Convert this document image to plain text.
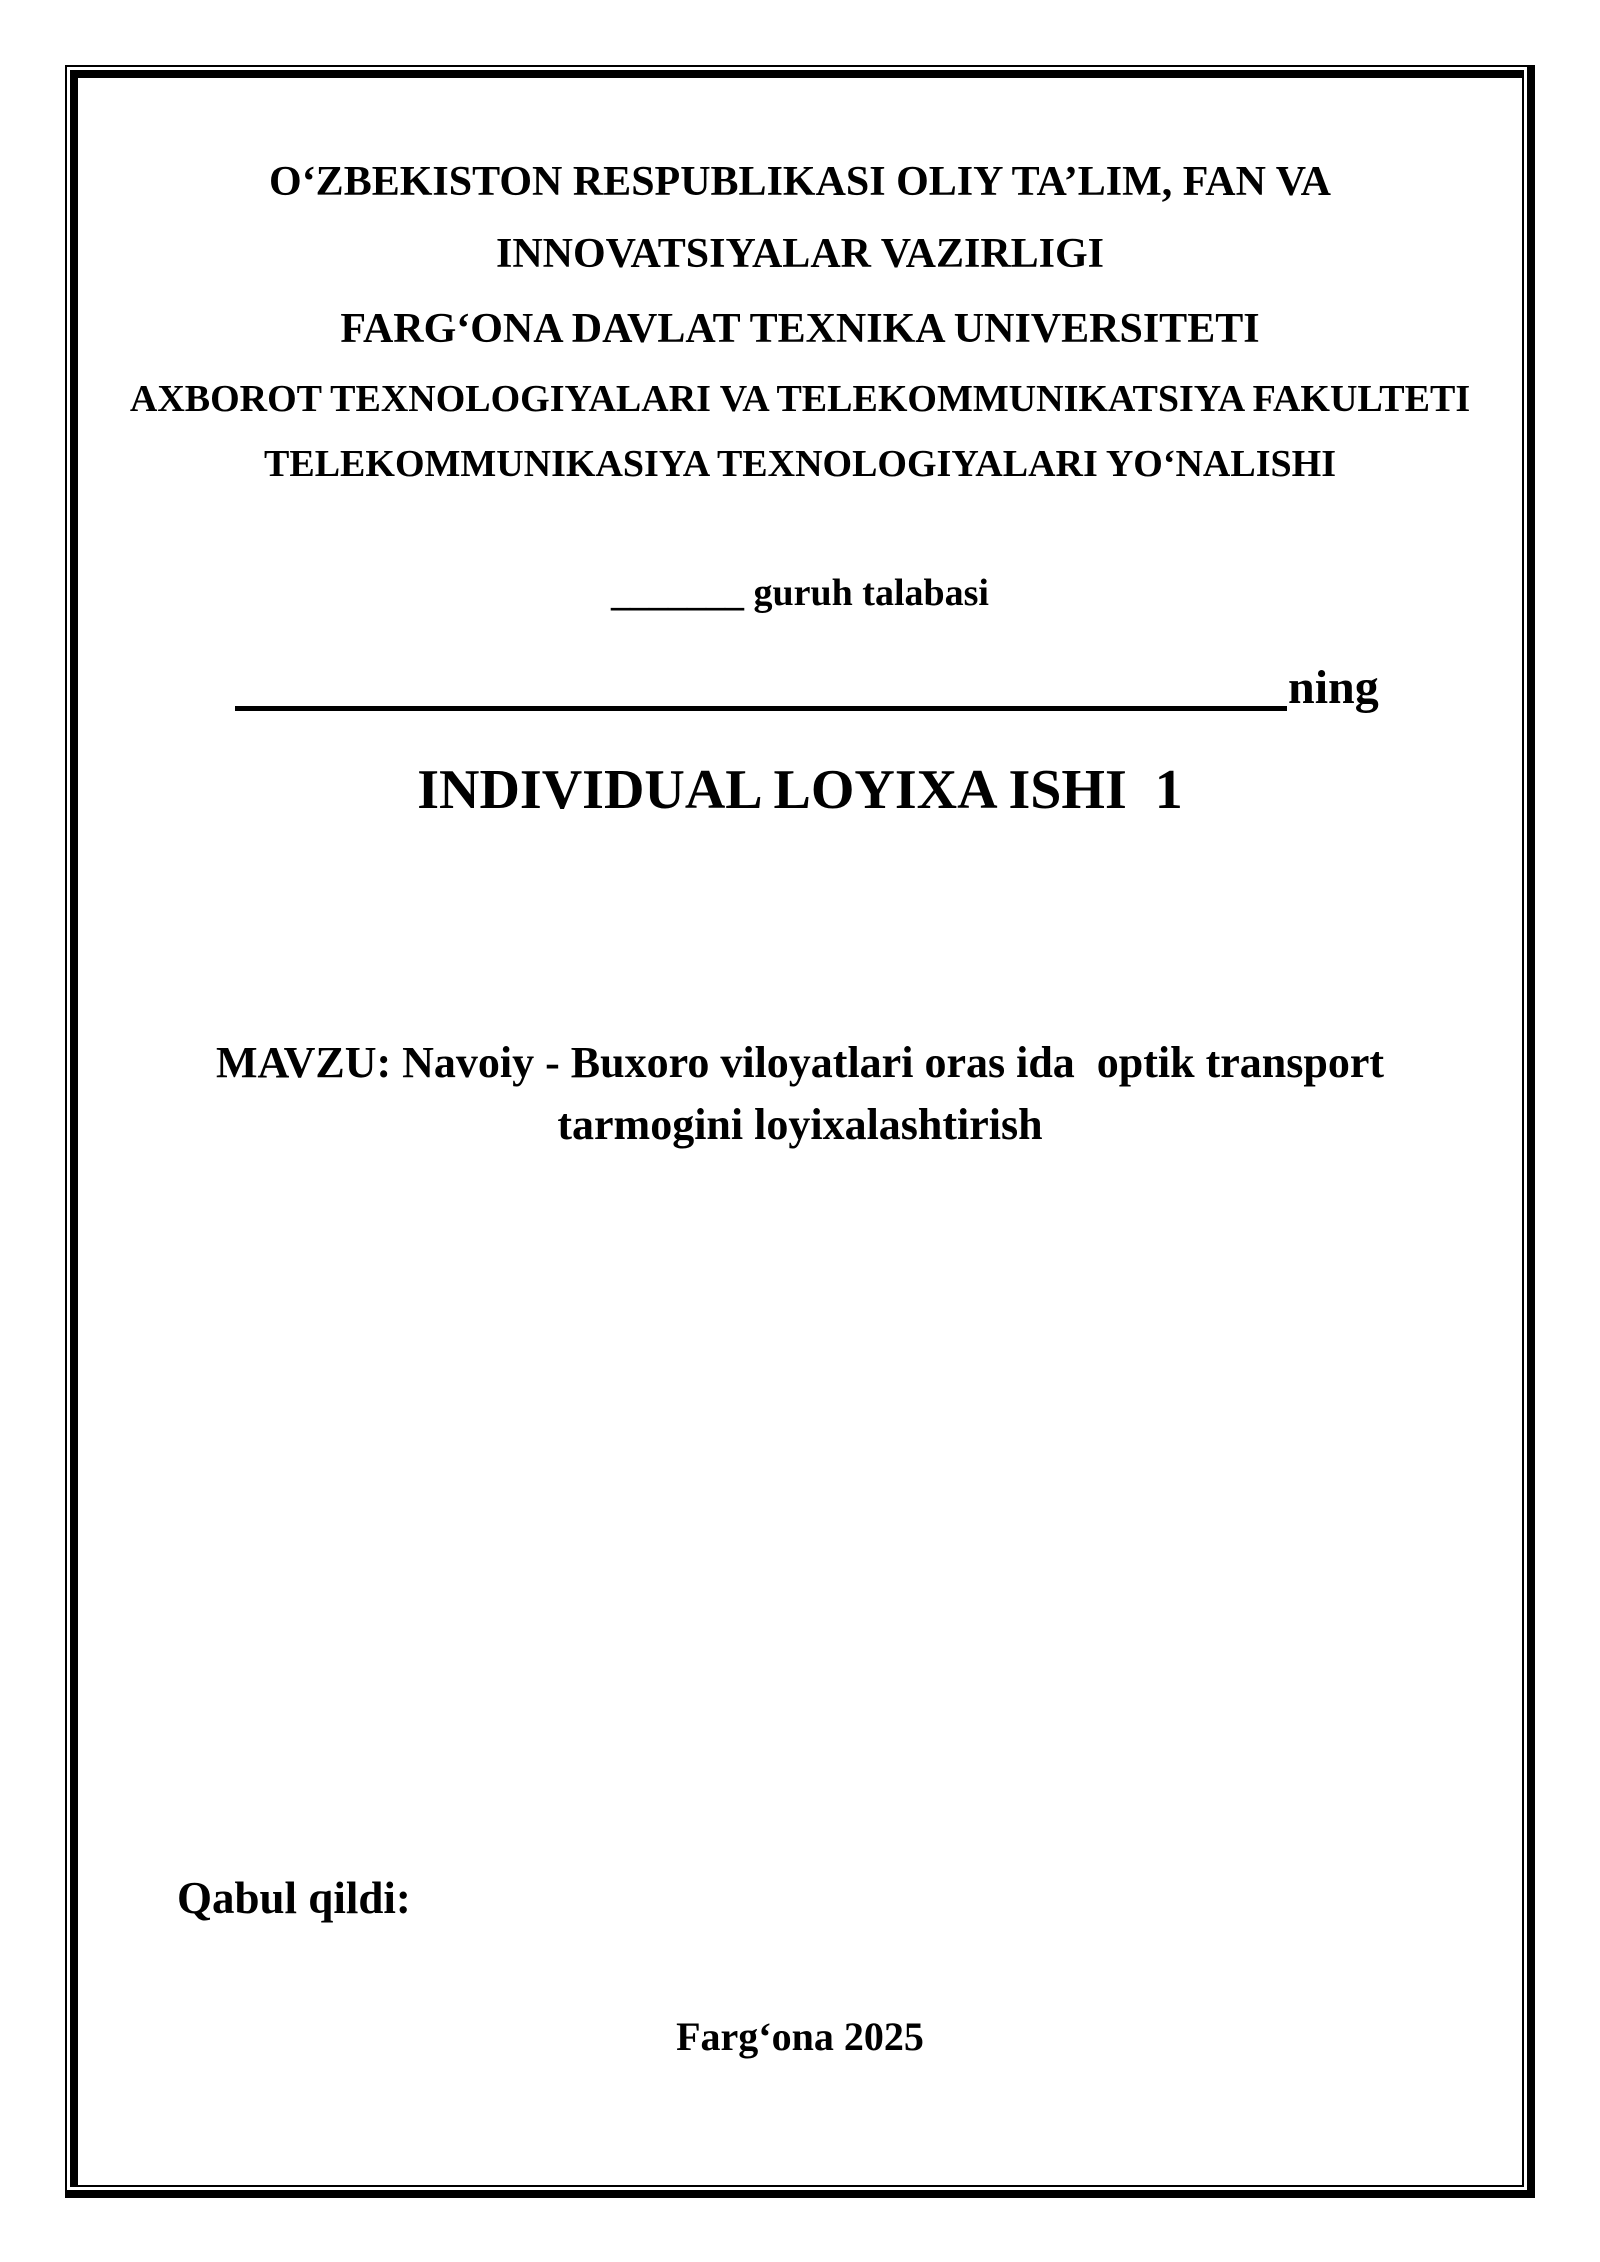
O‘ZBEKISTON RESPUBLIKASI OLIY TA’LIM, FAN VA
INNOVATSIYALAR VAZIRLIGI
FARG‘ONA DAVLAT TEXNIKA UNIVERSITETI
AXBOROT TEXNOLOGIYALARI VA TELEKOMMUNIKATSIYA FAKULTETI
TELEKOMMUNIKASIYA TEXNOLOGIYALARI YO‘NALISHI
_______ guruh talabasi
ning
INDIVIDUAL LOYIXA ISHI  1
MAVZU: Navoiy - Buxoro viloyatlari oras ida  optik transport
tarmogini loyixalashtirish
Qabul qildi:
Farg‘ona 2025
